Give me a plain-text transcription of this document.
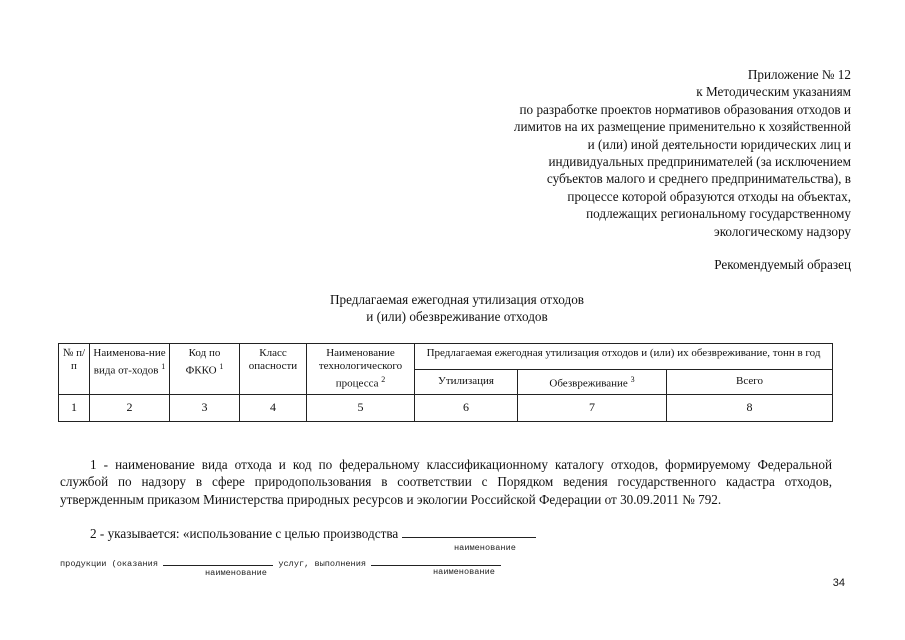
Приложение № 12
к Методическим указаниям
по разработке проектов нормативов образования отходов и
лимитов на их размещение применительно к хозяйственной
и (или) иной деятельности юридических лиц и
индивидуальных предпринимателей (за исключением
субъектов малого и среднего предпринимательства), в
процессе которой образуются отходы на объектах,
подлежащих региональному государственному
экологическому надзору
Рекомендуемый образец
Предлагаемая ежегодная утилизация отходов
и (или) обезвреживание отходов
№ п/п	Наименова-ние вида от-ходов $^1$	Код по ФККО $^1$	Класс опасности	Наименование технологического процесса $^2$	Предлагаемая ежегодная утилизация отходов и (или) их обезвреживание, тонн в год		
					Утилизация	Обезвреживание $^3$	Всего
1	2	3	4	5	6	7	8

1 - наименование вида отхода и код по федеральному классификационному каталогу отходов, формируемому Федеральной службой по надзору в сфере природопользования в соответствии с Порядком ведения государственного кадастра отходов, утвержденным приказом Министерства природных ресурсов и экологии Российской Федерации от 30.09.2011 № 792.

2 - указывается: «использование с целью производства
наименование
продукции (оказания	услуг, выполнения
наименование	наименование
34
